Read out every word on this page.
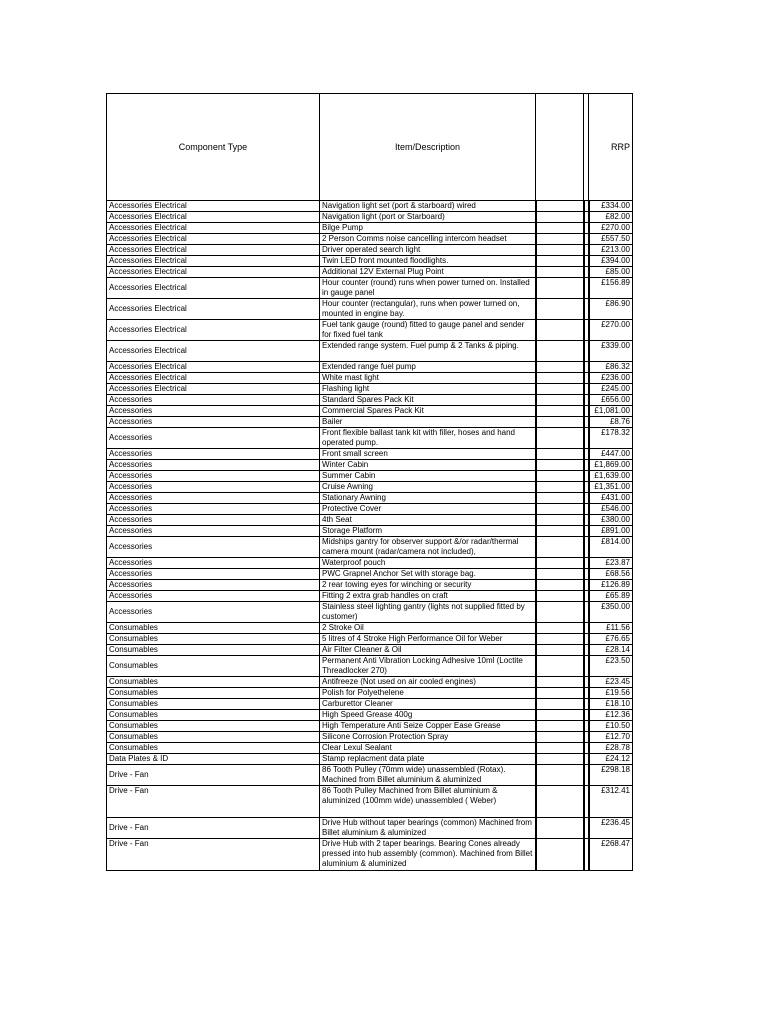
Component Type	Item/Description			RRP
Accessories Electrical	Navigation light set (port & starboard) wired			£334.00
Accessories Electrical	Navigation light (port or Starboard)			£82.00
Accessories Electrical	Bilge Pump			£270.00
Accessories Electrical	2 Person Comms noise cancelling intercom headset			£557.50
Accessories Electrical	Driver operated search light			£213.00
Accessories Electrical	Twin LED front mounted floodlights.			£394.00
Accessories Electrical	Additional 12V External Plug Point			£85.00
Accessories Electrical	Hour counter (round) runs when power turned on. Installed in gauge panel			£156.89
Accessories Electrical	Hour counter (rectangular), runs when power turned on, mounted in engine bay.			£86.90
Accessories Electrical	Fuel tank gauge (round) fitted to gauge panel and sender for fixed fuel tank			£270.00
Accessories Electrical	Extended range system. Fuel pump & 2 Tanks & piping.			£339.00
Accessories Electrical	Extended range fuel pump			£86.32
Accessories Electrical	White mast light			£236.00
Accessories Electrical	Flashing light			£245.00
Accessories	Standard Spares Pack Kit			£656.00
Accessories	Commercial Spares Pack Kit			£1,081.00
Accessories	Bailer			£8.76
Accessories	Front flexible ballast tank kit with filler, hoses and hand operated pump.			£178.32
Accessories	Front small screen			£447.00
Accessories	Winter Cabin			£1,869.00
Accessories	Summer Cabin			£1,639.00
Accessories	Cruise Awning			£1,351.00
Accessories	Stationary Awning			£431.00
Accessories	Protective Cover			£546.00
Accessories	4th Seat			£380.00
Accessories	Storage Platform			£891.00
Accessories	Midships gantry for observer support &/or radar/thermal camera mount (radar/camera not included),			£814.00
Accessories	Waterproof pouch			£23.87
Accessories	PWC Grapnel Anchor Set with storage bag.			£68.56
Accessories	2 rear towing eyes for winching or security			£126.89
Accessories	Fitting 2 extra grab handles on craft			£65.89
Accessories	Stainless steel lighting gantry (lights not supplied fitted by customer)			£350.00
Consumables	2 Stroke Oil			£11.56
Consumables	5 litres of 4 Stroke High Performance Oil for Weber			£76.65
Consumables	Air Filter Cleaner & Oil			£28.14
Consumables	Permanent Anti Vibration Locking Adhesive 10ml (Loctite Threadlocker 270)			£23.50
Consumables	Antifreeze (Not used on air cooled engines)			£23.45
Consumables	Polish for Polyethelene			£19.56
Consumables	Carburettor Cleaner			£18.10
Consumables	High Speed Grease 400g			£12.36
Consumables	High Temperature Anti Seize Copper Ease Grease			£10.50
Consumables	Silicone Corrosion Protection Spray			£12.70
Consumables	Clear Lexul Sealant			£28.78
Data Plates & ID	Stamp replacment data plate			£24.12
Drive - Fan	86 Tooth Pulley (70mm wide) unassembled (Rotax). Machined from Billet aluminium & aluminized			£298.18
Drive - Fan	86 Tooth Pulley Machined from Billet aluminium & aluminized (100mm wide) unassembled ( Weber)			£312.41
Drive - Fan	Drive Hub without taper bearings (common) Machined from Billet aluminium & aluminized			£236.45
Drive - Fan	Drive Hub with 2 taper bearings. Bearing Cones already pressed into hub assembly (common). Machined from Billet aluminium & aluminized			£268.47
